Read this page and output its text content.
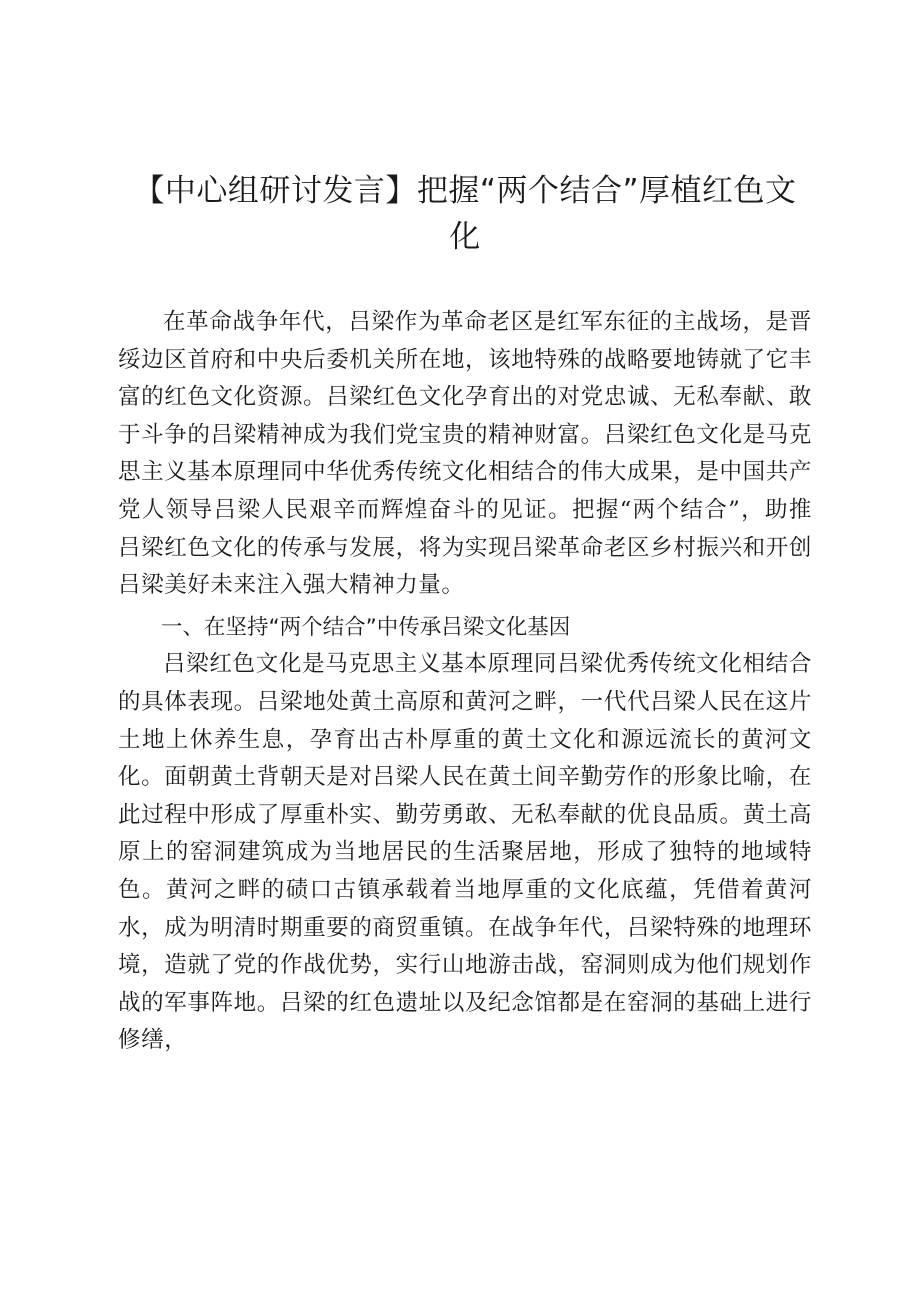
【中心组研讨发言】把握“两个结合”厚植红色文化

在革命战争年代，吕梁作为革命老区是红军东征的主战场，是晋绥边区首府和中央后委机关所在地，该地特殊的战略要地铸就了它丰富的红色文化资源。吕梁红色文化孕育出的对党忠诚、无私奉献、敢于斗争的吕梁精神成为我们党宝贵的精神财富。吕梁红色文化是马克思主义基本原理同中华优秀传统文化相结合的伟大成果，是中国共产党人领导吕梁人民艰辛而辉煌奋斗的见证。把握“两个结合”，助推吕梁红色文化的传承与发展，将为实现吕梁革命老区乡村振兴和开创吕梁美好未来注入强大精神力量。

一、在坚持“两个结合”中传承吕梁文化基因

吕梁红色文化是马克思主义基本原理同吕梁优秀传统文化相结合的具体表现。吕梁地处黄土高原和黄河之畔，一代代吕梁人民在这片土地上休养生息，孕育出古朴厚重的黄土文化和源远流长的黄河文化。面朝黄土背朝天是对吕梁人民在黄土间辛勤劳作的形象比喻，在此过程中形成了厚重朴实、勤劳勇敢、无私奉献的优良品质。黄土高原上的窑洞建筑成为当地居民的生活聚居地，形成了独特的地域特色。黄河之畔的碛口古镇承载着当地厚重的文化底蕴，凭借着黄河水，成为明清时期重要的商贸重镇。在战争年代，吕梁特殊的地理环境，造就了党的作战优势，实行山地游击战，窑洞则成为他们规划作战的军事阵地。吕梁的红色遗址以及纪念馆都是在窑洞的基础上进行修缮，
